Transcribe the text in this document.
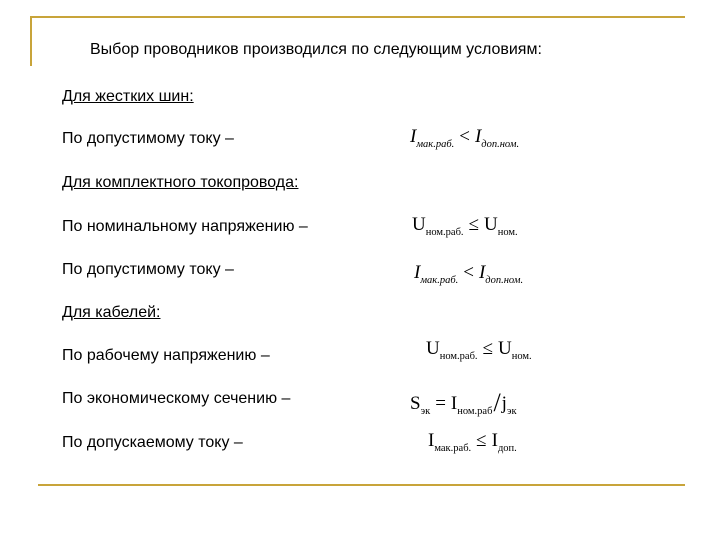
Выбор проводников производился по следующим условиям:
Для жестких шин:
По допустимому току –	$I_{мак.раб.} < I_{доп.ном.}$
Для комплектного токопровода:
По номинальному напряжению –	$U_{ном.раб.} \le U_{ном.}$
По допустимому току –	$I_{мак.раб.} < I_{доп.ном.}$
Для кабелей:
По рабочему напряжению –	$U_{ном.раб.} \le U_{ном.}$
По экономическому сечению –	$S_{эк} = I_{ном.раб}/j_{эк}$
По допускаемому току –	$I_{мак.раб.} \le I_{доп.}$
